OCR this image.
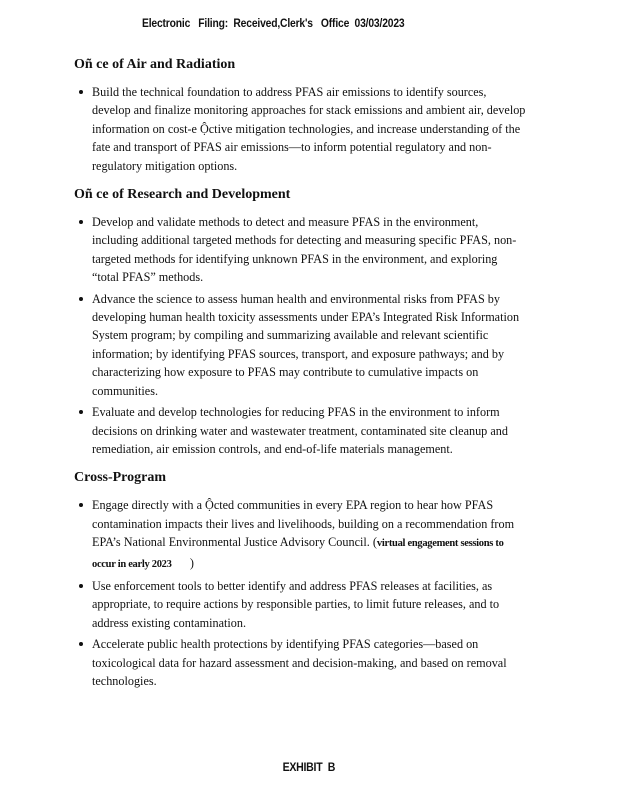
Electronic   Filing:  Received,Clerk's   Office  03/03/2023
Oñ ce of Air and Radiation
Build the technical foundation to address PFAS air emissions to identify sources, develop and finalize monitoring approaches for stack emissions and ambient air, develop information on cost-e Ộctive mitigation technologies, and increase understanding of the fate and transport of PFAS air emissions—to inform potential regulatory and non-regulatory mitigation options.
Oñ ce of Research and Development
Develop and validate methods to detect and measure PFAS in the environment, including additional targeted methods for detecting and measuring specific PFAS, non-targeted methods for identifying unknown PFAS in the environment, and exploring “total PFAS” methods.
Advance the science to assess human health and environmental risks from PFAS by developing human health toxicity assessments under EPA’s Integrated Risk Information System program; by compiling and summarizing available and relevant scientific information; by identifying PFAS sources, transport, and exposure pathways; and by characterizing how exposure to PFAS may contribute to cumulative impacts on communities.
Evaluate and develop technologies for reducing PFAS in the environment to inform decisions on drinking water and wastewater treatment, contaminated site cleanup and remediation, air emission controls, and end-of-life materials management.
Cross-Program
Engage directly with a Ộcted communities in every EPA region to hear how PFAS contamination impacts their lives and livelihoods, building on a recommendation from EPA’s National Environmental Justice Advisory Council. (virtual engagement sessions to occur in early 2023      )
Use enforcement tools to better identify and address PFAS releases at facilities, as appropriate, to require actions by responsible parties, to limit future releases, and to address existing contamination.
Accelerate public health protections by identifying PFAS categories—based on toxicological data for hazard assessment and decision-making, and based on removal technologies.
EXHIBIT  B
